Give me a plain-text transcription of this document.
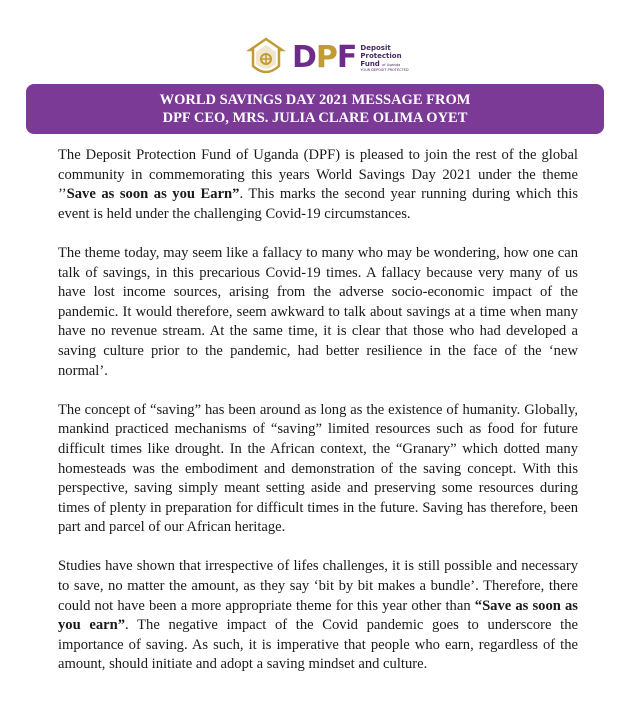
D P F Deposit
Protection
Fund of Uganda
YOUR DEPOSIT PROTECTED
WORLD SAVINGS DAY 2021 MESSAGE FROM
DPF CEO, MRS. JULIA CLARE OLIMA OYET

The Deposit Protection Fund of Uganda (DPF) is pleased to join the rest of the global community in commemorating this years World Savings Day 2021 under the theme ’’Save as soon as you Earn”. This marks the second year running during which this event is held under the challenging Covid-19 circumstances.

The theme today, may seem like a fallacy to many who may be wondering, how one can talk of savings, in this precarious Covid-19 times. A fallacy because very many of us have lost income sources, arising from the adverse socio-economic impact of the pandemic. It would therefore, seem awkward to talk about savings at a time when many have no revenue stream. At the same time, it is clear that those who had developed a saving culture prior to the pandemic, had better resilience in the face of the ‘new normal’.

The concept of “saving” has been around as long as the existence of humanity. Globally, mankind practiced mechanisms of “saving” limited resources such as food for future difficult times like drought. In the African context, the “Granary” which dotted many homesteads was the embodiment and demonstration of the saving concept. With this perspective, saving simply meant setting aside and preserving some resources during times of plenty in preparation for difficult times in the future. Saving has therefore, been part and parcel of our African heritage.

Studies have shown that irrespective of lifes challenges, it is still possible and necessary to save, no matter the amount, as they say ‘bit by bit makes a bundle’. Therefore, there could not have been a more appropriate theme for this year other than “Save as soon as you earn”. The negative impact of the Covid pandemic goes to underscore the importance of saving. As such, it is imperative that people who earn, regardless of the amount, should initiate and adopt a saving mindset and culture.
